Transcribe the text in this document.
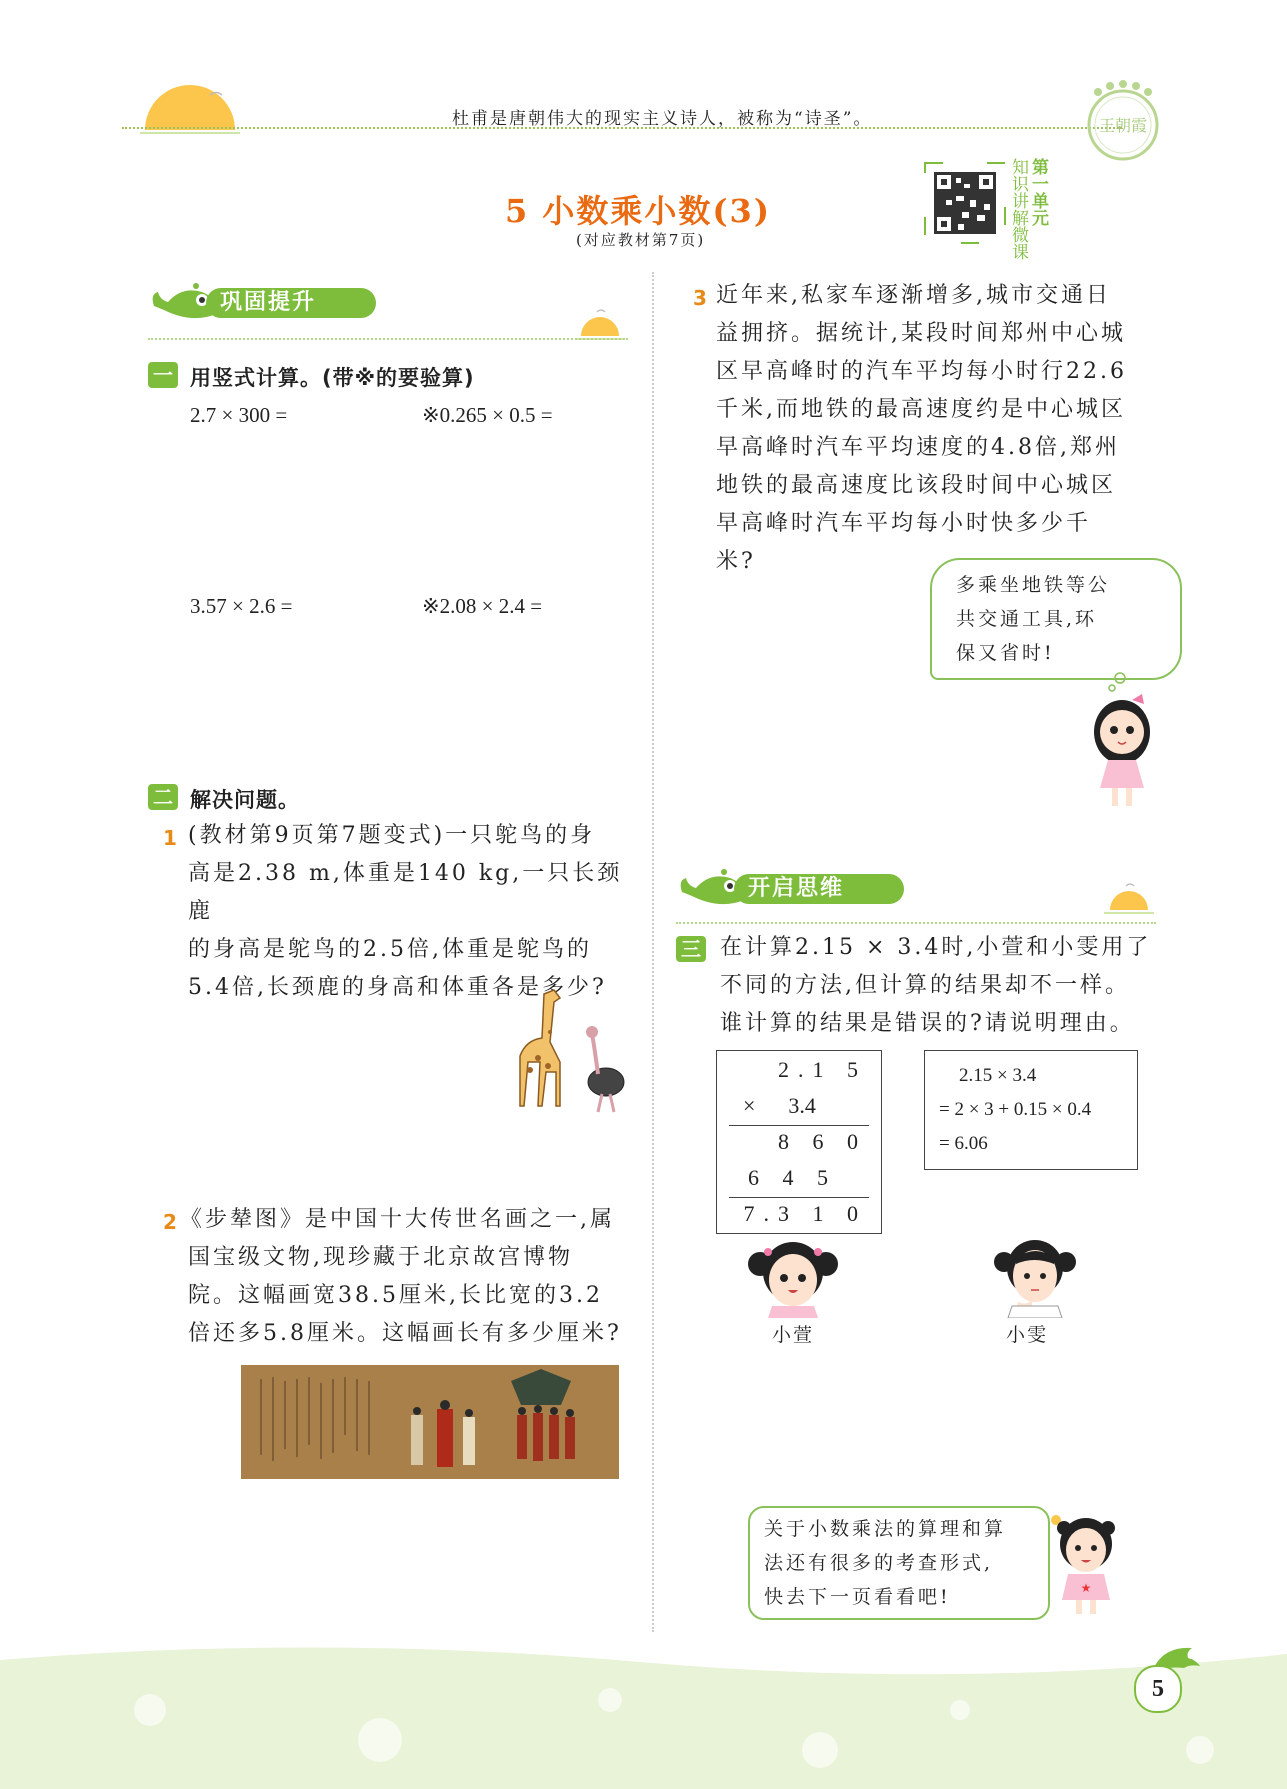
杜甫是唐朝伟大的现实主义诗人，被称为“诗圣”。	王朝霞
5 小数乘小数(3)
(对应教材第7页)
知识讲解微课
第一单元
巩固提升
一 用竖式计算。(带※的要验算)
2.7 × 300 =	※0.265 × 0.5 =
3.57 × 2.6 =	※2.08 × 2.4 =
二 解决问题。
1 (教材第9页第7题变式)一只鸵鸟的身
高是2.38 m,体重是140 kg,一只长颈鹿
的身高是鸵鸟的2.5倍,体重是鸵鸟的
5.4倍,长颈鹿的身高和体重各是多少?
2 《步辇图》是中国十大传世名画之一,属
国宝级文物,现珍藏于北京故宫博物
院。这幅画宽38.5厘米,长比宽的3.2
倍还多5.8厘米。这幅画长有多少厘米?
3 近年来,私家车逐渐增多,城市交通日
益拥挤。据统计,某段时间郑州中心城
区早高峰时的汽车平均每小时行22.6
千米,而地铁的最高速度约是中心城区
早高峰时汽车平均速度的4.8倍,郑州
地铁的最高速度比该段时间中心城区
早高峰时汽车平均每小时快多少千
米?
多乘坐地铁等公
共交通工具,环
保又省时!
开启思维
三 在计算2.15 × 3.4时,小萱和小雯用了
不同的方法,但计算的结果却不一样。
谁计算的结果是错误的?请说明理由。
2.1 5
×      3.4
8 6 0
6 4 5
7.3 1 0
2.15 × 3.4
= 2 × 3 + 0.15 × 0.4
= 6.06
小萱	小雯
关于小数乘法的算理和算
法还有很多的考查形式,
快去下一页看看吧!	★
5
